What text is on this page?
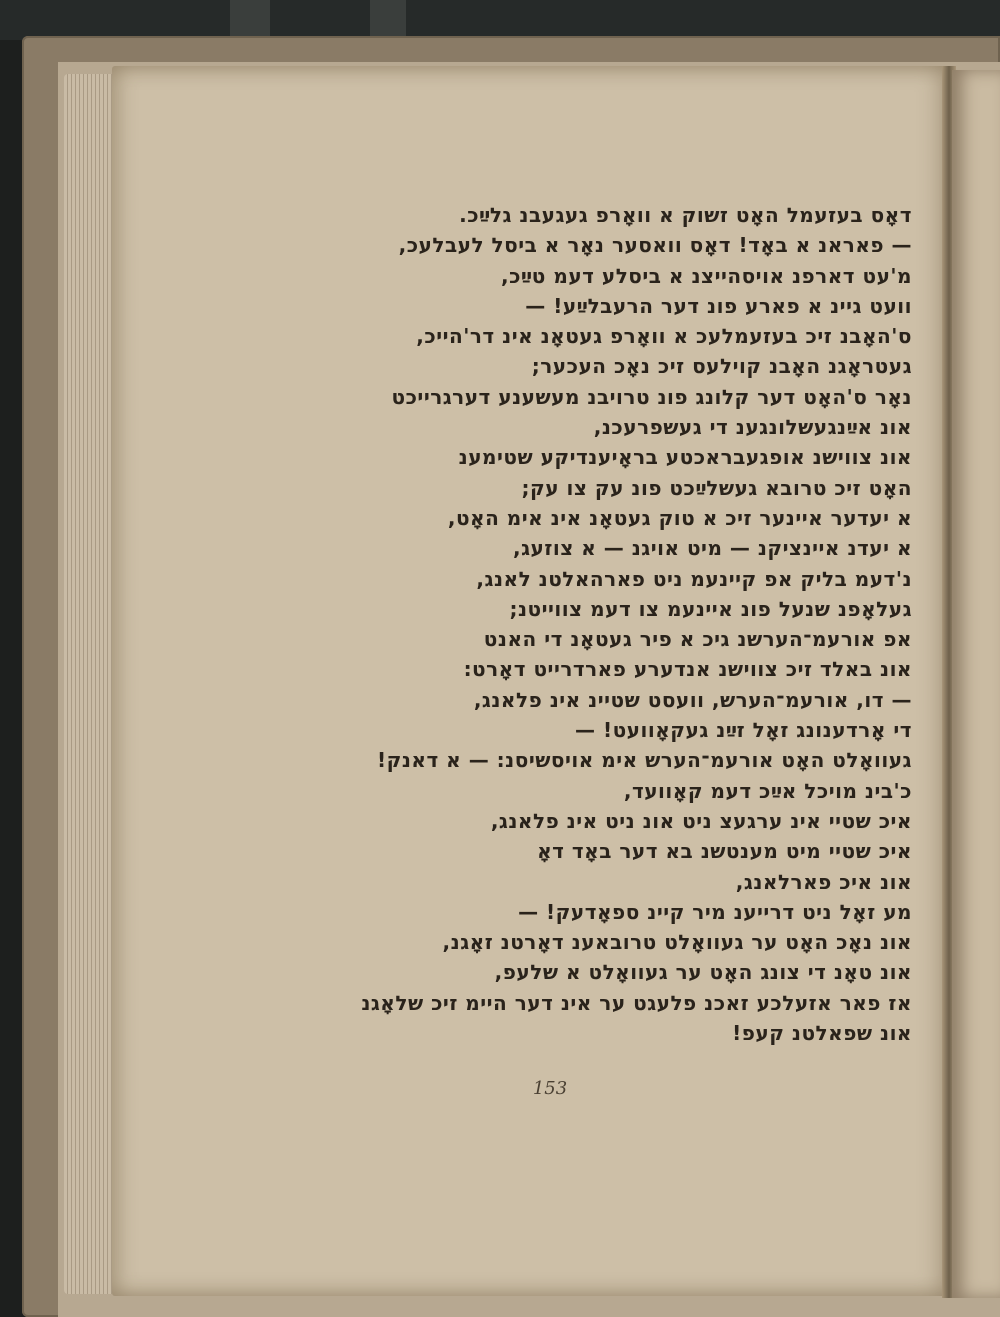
דאָס בעזעמל האָט זשוק א וואָרפ געגעבנ גלײַכ.
— פאראנ א באָד! דאָס וואסער נאָר א ביסל לעבלעכ,
מ'עט דארפנ אויסהייצנ א ביסלע דעמ טײַכ,
וועט גיינ א פארע פונ דער הרעבלײַע! —
ס'האָבנ זיכ בעזעמלעכ א וואָרפ געטאָנ אינ דר'הייכ,
געטראָגנ האָבנ קוילעס זיכ נאָכ העכער;
נאָר ס'האָט דער קלונג פונ טרויבנ מעשענע דערגרייכט
אונ אײַנגעשלונגענ די געשפרעכנ,
אונ צווישנ אופגעבראכטע בראָיענדיקע שטימענ
האָט זיכ טרובא געשלײַכט פונ עק צו עק;
א יעדער איינער זיכ א טוק געטאָנ אינ אימ האָט,
א יעדנ איינציקנ — מיט אויגנ — א צוזעג,
נ'דעמ בליק אפ קיינעמ ניט פארהאלטנ לאנג,
געלאָפנ שנעל פונ איינעמ צו דעמ צווייטנ;
אפ אורעמ־הערשנ גיכ א פיר געטאָנ די האנט
אונ באלד זיכ צווישנ אנדערע פארדרייט דאָרט:
— דו, אורעמ־הערש, וועסט שטיינ אינ פלאנג,
די אָרדענונג זאָל זײַנ געקאָוועט! —
געוואָלט האָט אורעמ־הערש אימ אויסשיסנ: — א דאנק!
כ'בינ מויכל אײַכ דעמ קאָוועד,
איכ שטיי אינ ערגעצ ניט אונ ניט אינ פלאנג,
איכ שטיי מיט מענטשנ בא דער באָד דאָ
אונ איכ פארלאנג,
מע זאָל ניט דרייענ מיר קיינ ספאָדעק! —
אונ נאָכ האָט ער געוואָלט טרובאענ דאָרטנ זאָגנ,
אונ טאָנ די צונג האָט ער געוואָלט א שלעפ,
אז פאר אזעלכע זאכנ פלעגט ער אינ דער היימ זיכ שלאָגנ
אונ שפאלטנ קעפ!
153
